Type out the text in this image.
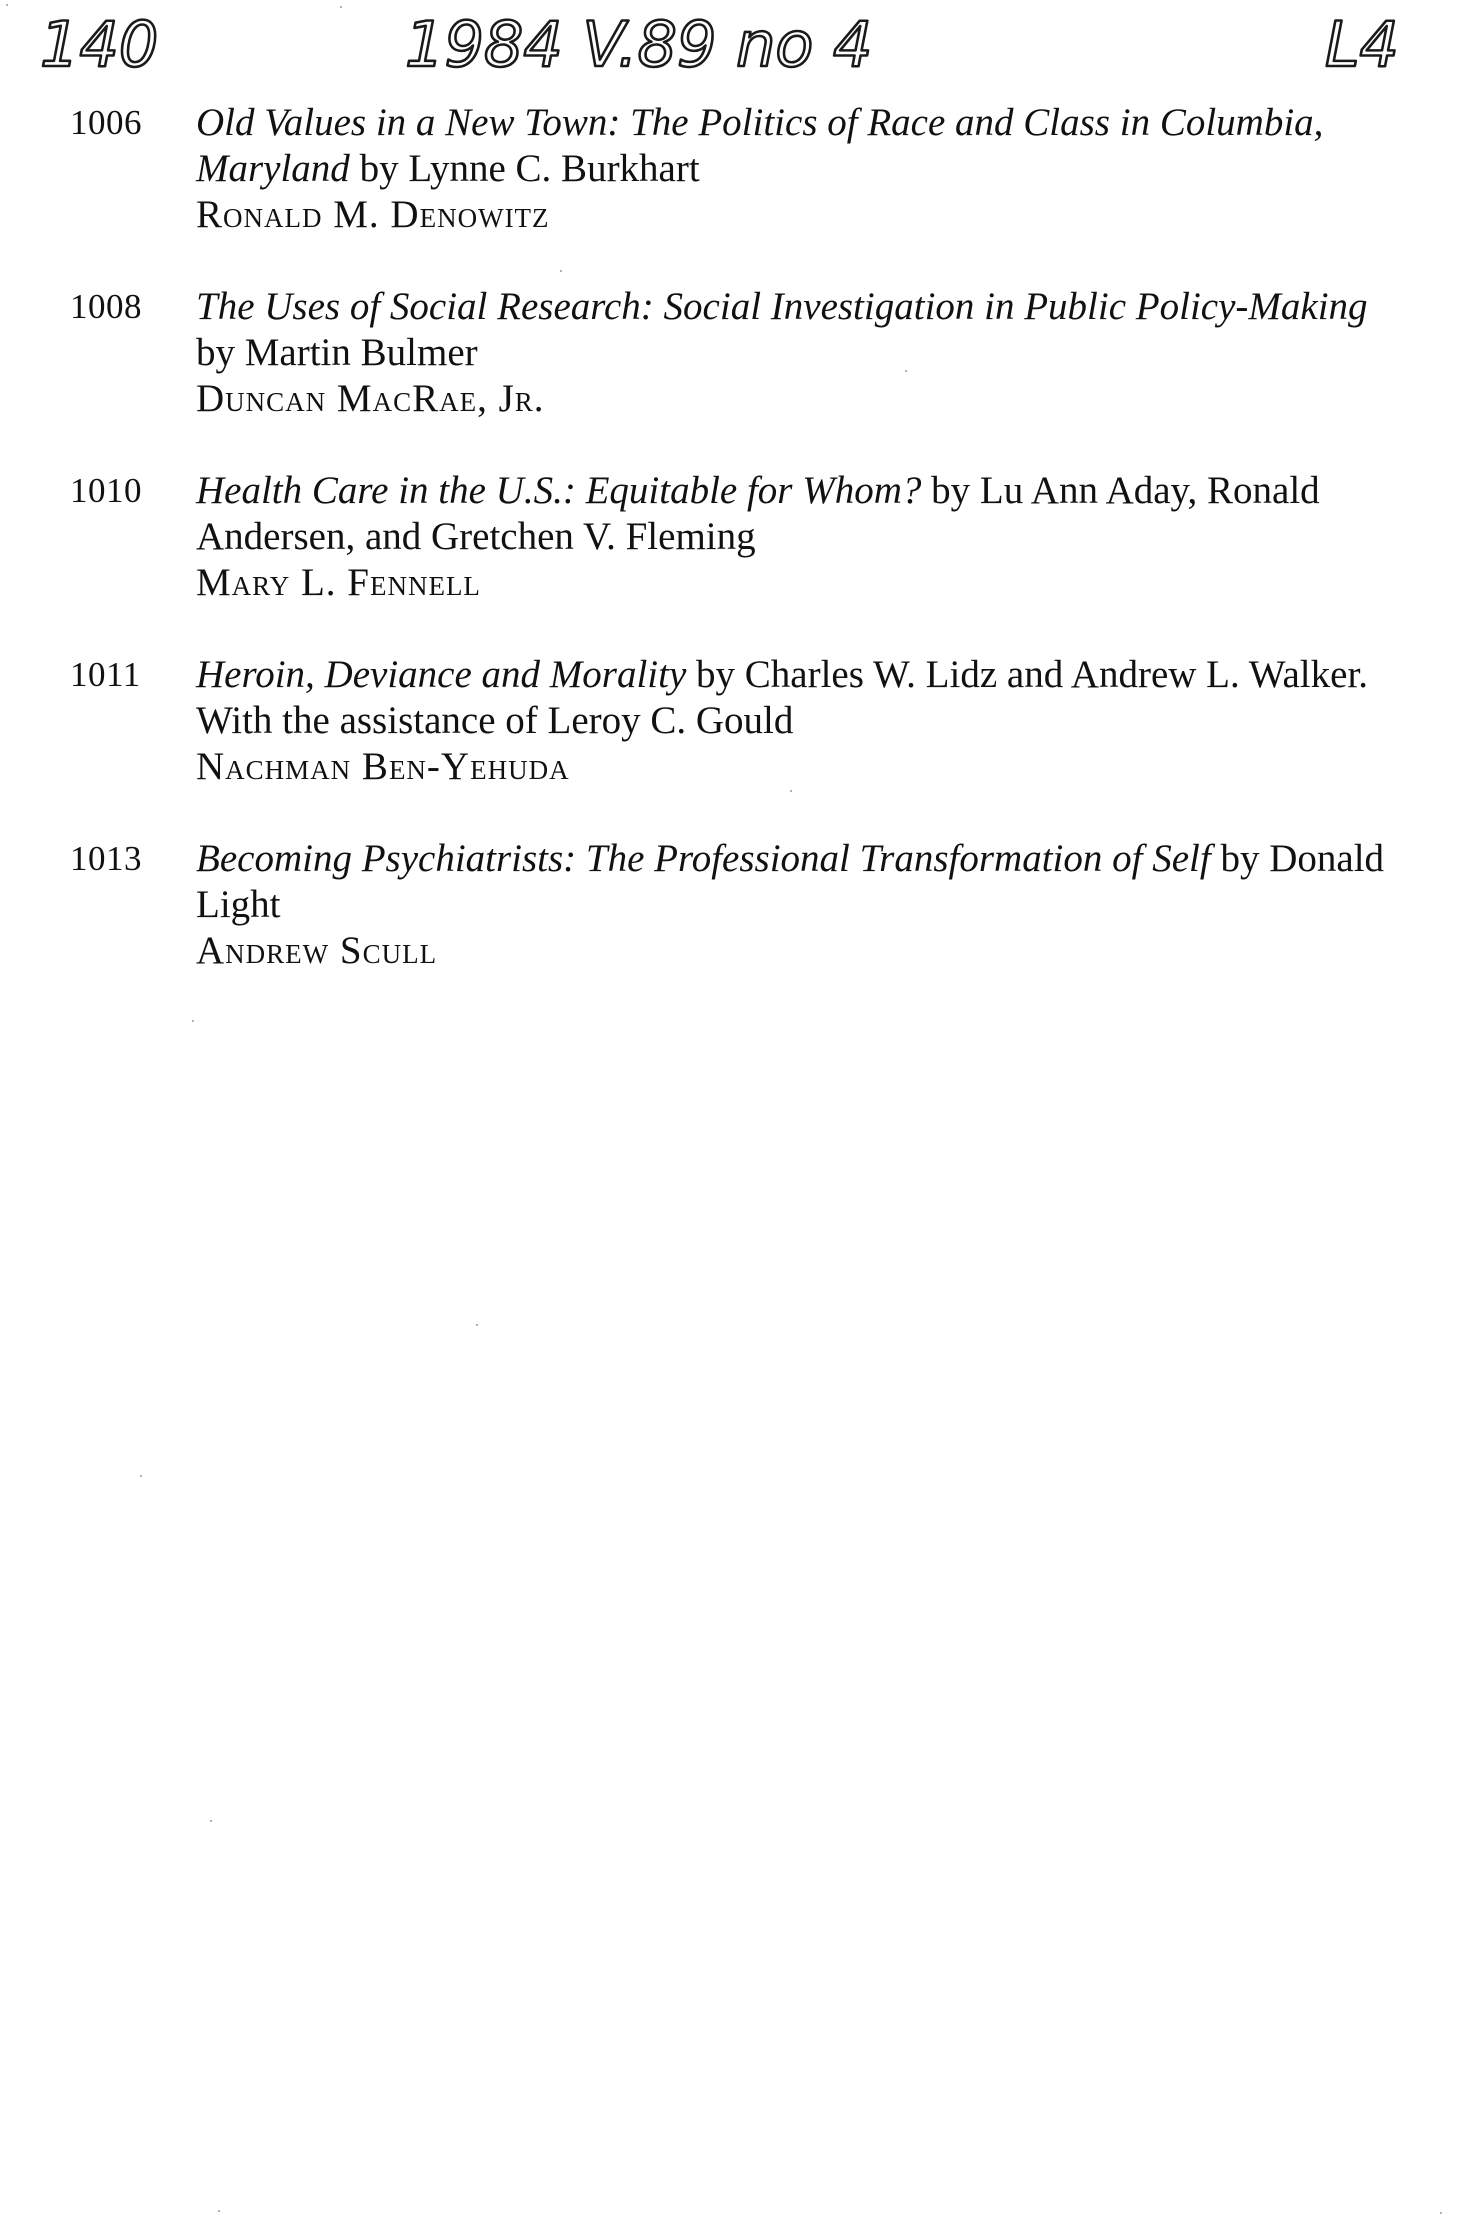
140	1984 V.89 no 4	L4
1006	Old Values in a New Town: The Politics of Race and Class in Columbia, Maryland by Lynne C. Burkhart
Ronald M. Denowitz
1008	The Uses of Social Research: Social Investigation in Public Policy-Making by Martin Bulmer
Duncan MacRae, Jr.
1010	Health Care in the U.S.: Equitable for Whom? by Lu Ann Aday, Ronald Andersen, and Gretchen V. Fleming
Mary L. Fennell
1011	Heroin, Deviance and Morality by Charles W. Lidz and Andrew L. Walker. With the assistance of Leroy C. Gould
Nachman Ben-Yehuda
1013	Becoming Psychiatrists: The Professional Transformation of Self by Donald Light
Andrew Scull
